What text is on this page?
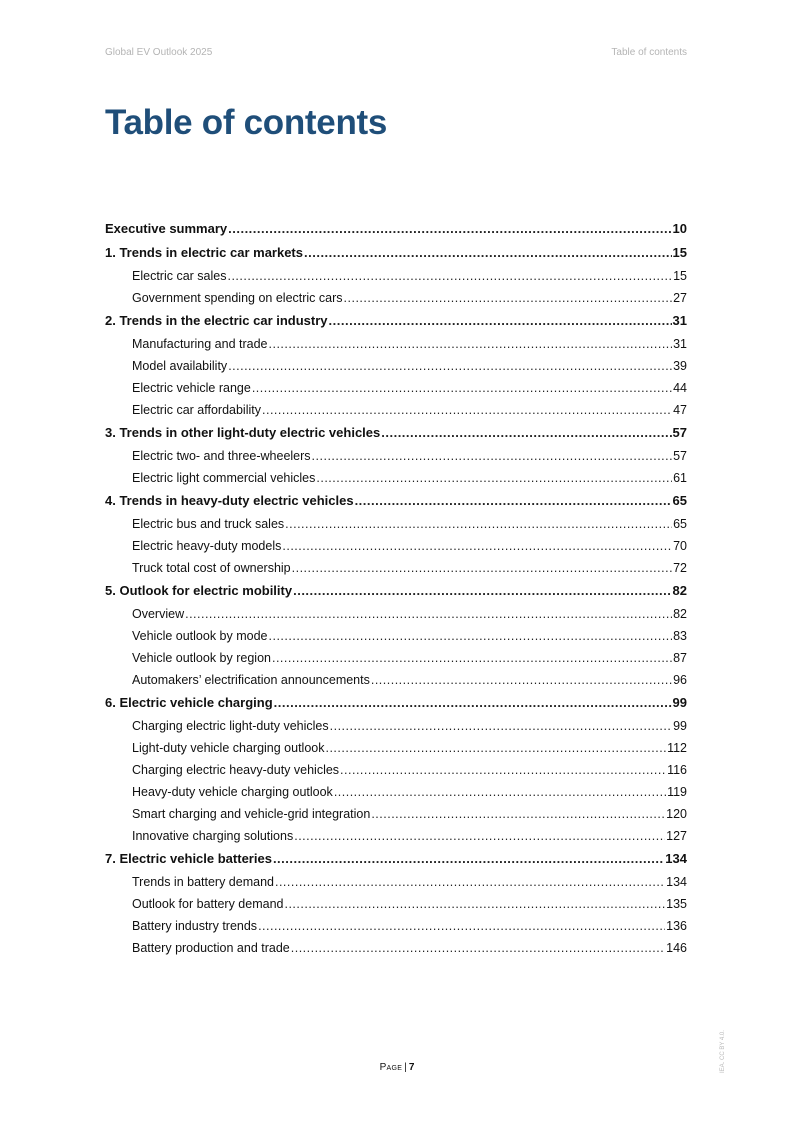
Global EV Outlook 2025	Table of contents
Table of contents
Executive summary .....	10
1. Trends in electric car markets .....	15
Electric car sales .....	15
Government spending on electric cars .....	27
2. Trends in the electric car industry .....	31
Manufacturing and trade .....	31
Model availability .....	39
Electric vehicle range .....	44
Electric car affordability .....	47
3. Trends in other light-duty electric vehicles .....	57
Electric two- and three-wheelers .....	57
Electric light commercial vehicles .....	61
4. Trends in heavy-duty electric vehicles .....	65
Electric bus and truck sales .....	65
Electric heavy-duty models .....	70
Truck total cost of ownership .....	72
5. Outlook for electric mobility .....	82
Overview .....	82
Vehicle outlook by mode .....	83
Vehicle outlook by region .....	87
Automakers’ electrification announcements .....	96
6. Electric vehicle charging .....	99
Charging electric light-duty vehicles .....	99
Light-duty vehicle charging outlook .....	112
Charging electric heavy-duty vehicles .....	116
Heavy-duty vehicle charging outlook .....	119
Smart charging and vehicle-grid integration .....	120
Innovative charging solutions .....	127
7. Electric vehicle batteries .....	134
Trends in battery demand .....	134
Outlook for battery demand .....	135
Battery industry trends .....	136
Battery production and trade .....	146
Page | 7	IEA. CC BY 4.0.
